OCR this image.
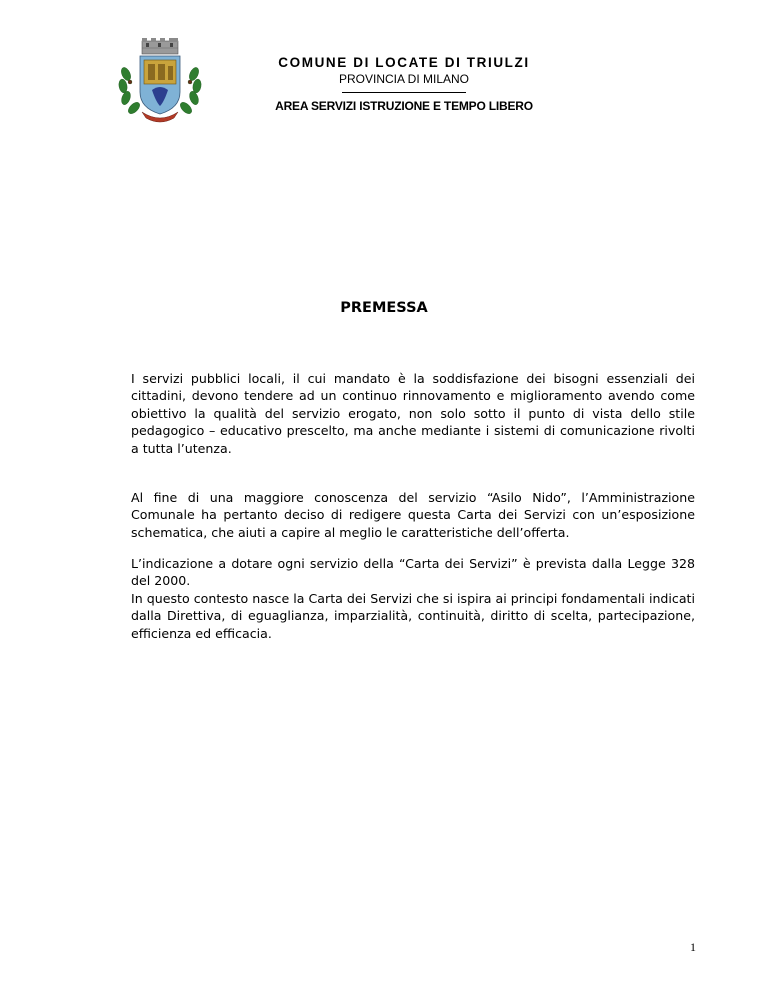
COMUNE DI LOCATE DI TRIULZI
PROVINCIA DI MILANO
AREA SERVIZI ISTRUZIONE E TEMPO LIBERO
PREMESSA

I servizi pubblici locali, il cui mandato è la soddisfazione dei bisogni essenziali dei cittadini, devono tendere ad un continuo rinnovamento e miglioramento avendo come obiettivo la qualità del servizio erogato, non solo sotto il punto di vista dello stile pedagogico – educativo prescelto, ma anche mediante i sistemi di comunicazione rivolti a tutta l’utenza.

Al fine di una maggiore conoscenza del servizio “Asilo Nido”, l’Amministrazione Comunale ha pertanto deciso di redigere questa Carta dei Servizi con un’esposizione schematica, che aiuti a capire al meglio le caratteristiche dell’offerta.

L’indicazione a dotare ogni servizio della “Carta dei Servizi” è prevista dalla Legge 328 del 2000.

In questo contesto nasce la Carta dei Servizi che si ispira ai principi fondamentali indicati dalla Direttiva, di eguaglianza, imparzialità, continuità, diritto di scelta, partecipazione, efficienza ed efficacia.

1
